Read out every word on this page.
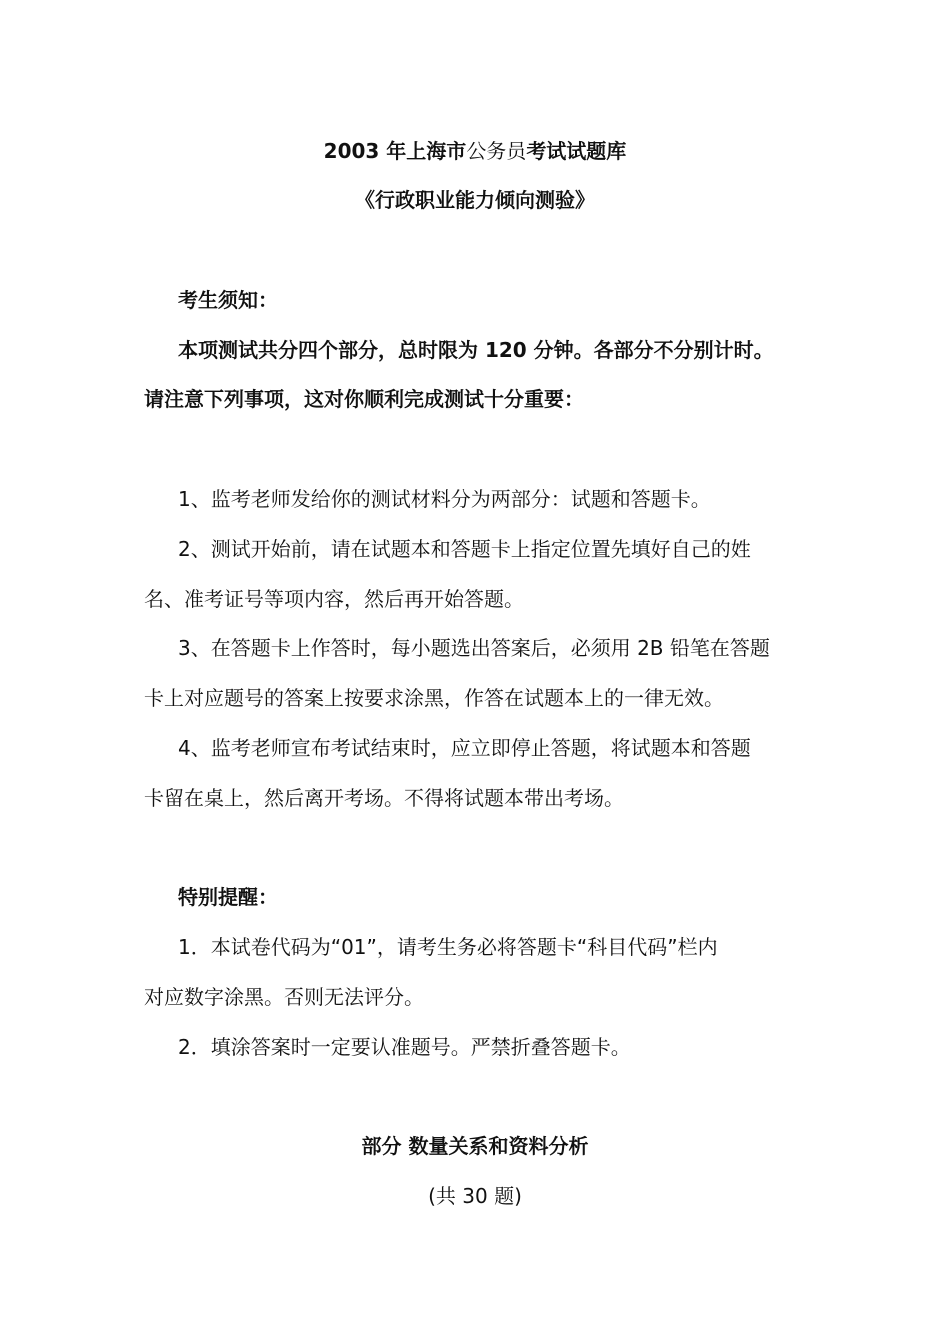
2003 年上海市公务员考试试题库
《行政职业能力倾向测验》
考生须知：
本项测试共分四个部分，总时限为 120 分钟。各部分不分别计时。
请注意下列事项，这对你顺利完成测试十分重要：
1、监考老师发给你的测试材料分为两部分：试题和答题卡。
2、测试开始前，请在试题本和答题卡上指定位置先填好自己的姓
名、准考证号等项内容，然后再开始答题。
3、在答题卡上作答时，每小题选出答案后，必须用 2B 铅笔在答题
卡上对应题号的答案上按要求涂黑，作答在试题本上的一律无效。
4、监考老师宣布考试结束时，应立即停止答题，将试题本和答题
卡留在桌上，然后离开考场。不得将试题本带出考场。
特别提醒：
1．本试卷代码为“01”，请考生务必将答题卡“科目代码”栏内
对应数字涂黑。否则无法评分。
2．填涂答案时一定要认准题号。严禁折叠答题卡。
部分 数量关系和资料分析
(共 30 题)
